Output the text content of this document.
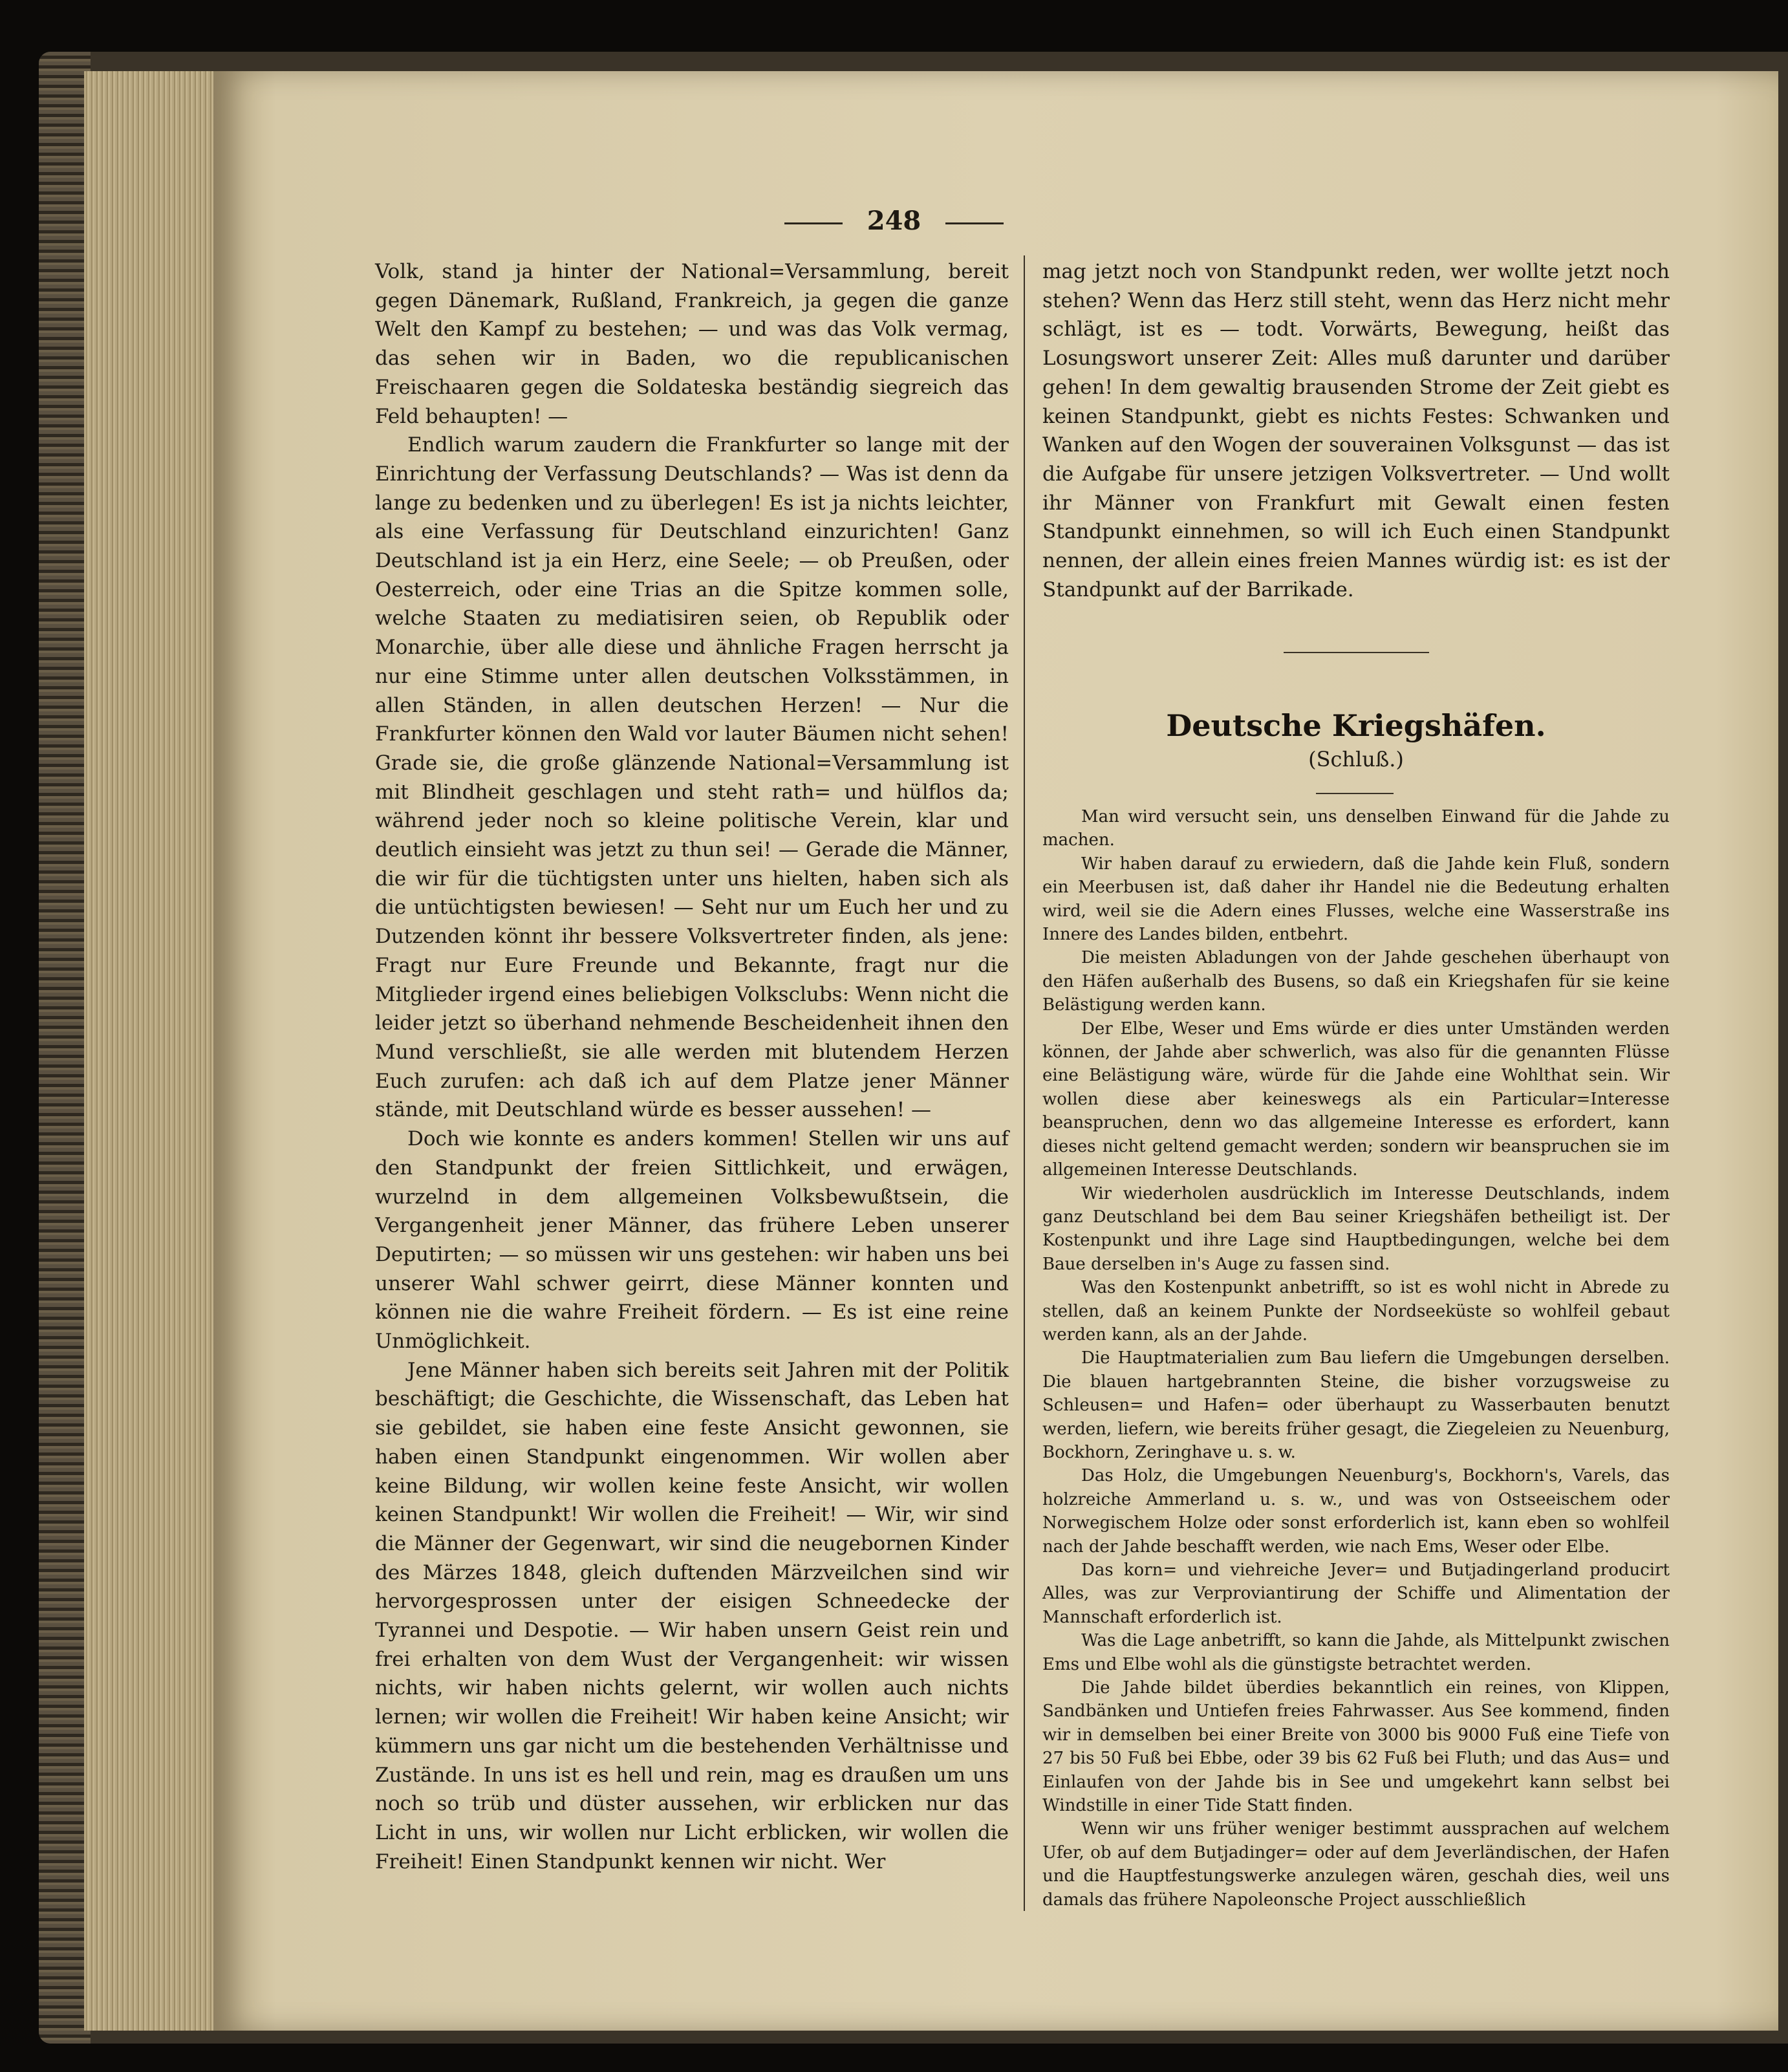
248

Volk, stand ja hinter der National=Versammlung, bereit gegen Dänemark, Rußland, Frankreich, ja gegen die ganze Welt den Kampf zu bestehen; — und was das Volk vermag, das sehen wir in Baden, wo die republicanischen Freischaaren gegen die Soldateska beständig siegreich das Feld behaupten! —

Endlich warum zaudern die Frankfurter so lange mit der Einrichtung der Verfassung Deutschlands? — Was ist denn da lange zu bedenken und zu überlegen! Es ist ja nichts leichter, als eine Verfassung für Deutschland einzurichten! Ganz Deutschland ist ja ein Herz, eine Seele; — ob Preußen, oder Oesterreich, oder eine Trias an die Spitze kommen solle, welche Staaten zu mediatisiren seien, ob Republik oder Monarchie, über alle diese und ähnliche Fragen herrscht ja nur eine Stimme unter allen deutschen Volksstämmen, in allen Ständen, in allen deutschen Herzen! — Nur die Frankfurter können den Wald vor lauter Bäumen nicht sehen! Grade sie, die große glänzende National=Versammlung ist mit Blindheit geschlagen und steht rath= und hülflos da; während jeder noch so kleine politische Verein, klar und deutlich einsieht was jetzt zu thun sei! — Gerade die Männer, die wir für die tüchtigsten unter uns hielten, haben sich als die untüchtigsten bewiesen! — Seht nur um Euch her und zu Dutzenden könnt ihr bessere Volksvertreter finden, als jene: Fragt nur Eure Freunde und Bekannte, fragt nur die Mitglieder irgend eines beliebigen Volksclubs: Wenn nicht die leider jetzt so überhand nehmende Bescheidenheit ihnen den Mund verschließt, sie alle werden mit blutendem Herzen Euch zurufen: ach daß ich auf dem Platze jener Männer stände, mit Deutschland würde es besser aussehen! —

Doch wie konnte es anders kommen! Stellen wir uns auf den Standpunkt der freien Sittlichkeit, und erwägen, wurzelnd in dem allgemeinen Volksbewußtsein, die Vergangenheit jener Männer, das frühere Leben unserer Deputirten; — so müssen wir uns gestehen: wir haben uns bei unserer Wahl schwer geirrt, diese Männer konnten und können nie die wahre Freiheit fördern. — Es ist eine reine Unmöglichkeit.

Jene Männer haben sich bereits seit Jahren mit der Politik beschäftigt; die Geschichte, die Wissenschaft, das Leben hat sie gebildet, sie haben eine feste Ansicht gewonnen, sie haben einen Standpunkt eingenommen. Wir wollen aber keine Bildung, wir wollen keine feste Ansicht, wir wollen keinen Standpunkt! Wir wollen die Freiheit! — Wir, wir sind die Männer der Gegenwart, wir sind die neugebornen Kinder des Märzes 1848, gleich duftenden Märzveilchen sind wir hervorgesprossen unter der eisigen Schneedecke der Tyrannei und Despotie. — Wir haben unsern Geist rein und frei erhalten von dem Wust der Vergangenheit: wir wissen nichts, wir haben nichts gelernt, wir wollen auch nichts lernen; wir wollen die Freiheit! Wir haben keine Ansicht; wir kümmern uns gar nicht um die bestehenden Verhältnisse und Zustände. In uns ist es hell und rein, mag es draußen um uns noch so trüb und düster aussehen, wir erblicken nur das Licht in uns, wir wollen nur Licht erblicken, wir wollen die Freiheit! Einen Standpunkt kennen wir nicht. Wer

mag jetzt noch von Standpunkt reden, wer wollte jetzt noch stehen? Wenn das Herz still steht, wenn das Herz nicht mehr schlägt, ist es — todt. Vorwärts, Bewegung, heißt das Losungswort unserer Zeit: Alles muß darunter und darüber gehen! In dem gewaltig brausenden Strome der Zeit giebt es keinen Standpunkt, giebt es nichts Festes: Schwanken und Wanken auf den Wogen der souverainen Volksgunst — das ist die Aufgabe für unsere jetzigen Volksvertreter. — Und wollt ihr Männer von Frankfurt mit Gewalt einen festen Standpunkt einnehmen, so will ich Euch einen Standpunkt nennen, der allein eines freien Mannes würdig ist: es ist der Standpunkt auf der Barrikade.

Deutsche Kriegshäfen.
(Schluß.)

Man wird versucht sein, uns denselben Einwand für die Jahde zu machen.

Wir haben darauf zu erwiedern, daß die Jahde kein Fluß, sondern ein Meerbusen ist, daß daher ihr Handel nie die Bedeutung erhalten wird, weil sie die Adern eines Flusses, welche eine Wasserstraße ins Innere des Landes bilden, entbehrt.

Die meisten Abladungen von der Jahde geschehen überhaupt von den Häfen außerhalb des Busens, so daß ein Kriegshafen für sie keine Belästigung werden kann.

Der Elbe, Weser und Ems würde er dies unter Umständen werden können, der Jahde aber schwerlich, was also für die genannten Flüsse eine Belästigung wäre, würde für die Jahde eine Wohlthat sein. Wir wollen diese aber keineswegs als ein Particular=Interesse beanspruchen, denn wo das allgemeine Interesse es erfordert, kann dieses nicht geltend gemacht werden; sondern wir beanspruchen sie im allgemeinen Interesse Deutschlands.

Wir wiederholen ausdrücklich im Interesse Deutschlands, indem ganz Deutschland bei dem Bau seiner Kriegshäfen betheiligt ist. Der Kostenpunkt und ihre Lage sind Hauptbedingungen, welche bei dem Baue derselben in's Auge zu fassen sind.

Was den Kostenpunkt anbetrifft, so ist es wohl nicht in Abrede zu stellen, daß an keinem Punkte der Nordseeküste so wohlfeil gebaut werden kann, als an der Jahde.

Die Hauptmaterialien zum Bau liefern die Umgebungen derselben. Die blauen hartgebrannten Steine, die bisher vorzugsweise zu Schleusen= und Hafen= oder überhaupt zu Wasserbauten benutzt werden, liefern, wie bereits früher gesagt, die Ziegeleien zu Neuenburg, Bockhorn, Zeringhave u. s. w.

Das Holz, die Umgebungen Neuenburg's, Bockhorn's, Varels, das holzreiche Ammerland u. s. w., und was von Ostseeischem oder Norwegischem Holze oder sonst erforderlich ist, kann eben so wohlfeil nach der Jahde beschafft werden, wie nach Ems, Weser oder Elbe.

Das korn= und viehreiche Jever= und Butjadingerland producirt Alles, was zur Verproviantirung der Schiffe und Alimentation der Mannschaft erforderlich ist.

Was die Lage anbetrifft, so kann die Jahde, als Mittelpunkt zwischen Ems und Elbe wohl als die günstigste betrachtet werden.

Die Jahde bildet überdies bekanntlich ein reines, von Klippen, Sandbänken und Untiefen freies Fahrwasser. Aus See kommend, finden wir in demselben bei einer Breite von 3000 bis 9000 Fuß eine Tiefe von 27 bis 50 Fuß bei Ebbe, oder 39 bis 62 Fuß bei Fluth; und das Aus= und Einlaufen von der Jahde bis in See und umgekehrt kann selbst bei Windstille in einer Tide Statt finden.

Wenn wir uns früher weniger bestimmt aussprachen auf welchem Ufer, ob auf dem Butjadinger= oder auf dem Jeverländischen, der Hafen und die Hauptfestungswerke anzulegen wären, geschah dies, weil uns damals das frühere Napoleonsche Project ausschließlich
